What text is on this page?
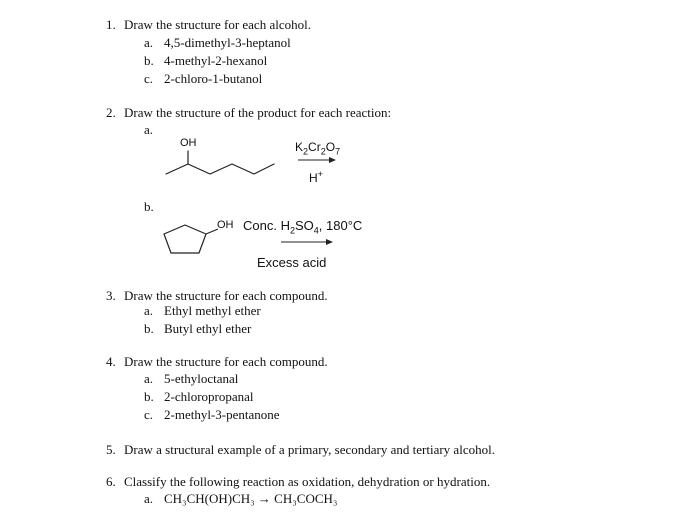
1. Draw the structure for each alcohol.
a. 4,5-dimethyl-3-heptanol
b. 4-methyl-2-hexanol
c. 2-chloro-1-butanol
2. Draw the structure of the product for each reaction:
a.
OH	$K_2Cr_2O_7$
H+
b.
OH Conc. $H_2SO_4$, 180°C
Excess acid
3. Draw the structure for each compound.
a. Ethyl methyl ether
b. Butyl ethyl ether
4. Draw the structure for each compound.
a. 5-ethyloctanal
b. 2-chloropropanal
c. 2-methyl-3-pentanone
5. Draw a structural example of a primary, secondary and tertiary alcohol.
6. Classify the following reaction as oxidation, dehydration or hydration.
a. CH₃CH(OH)CH₃ → CH₃COCH₃
